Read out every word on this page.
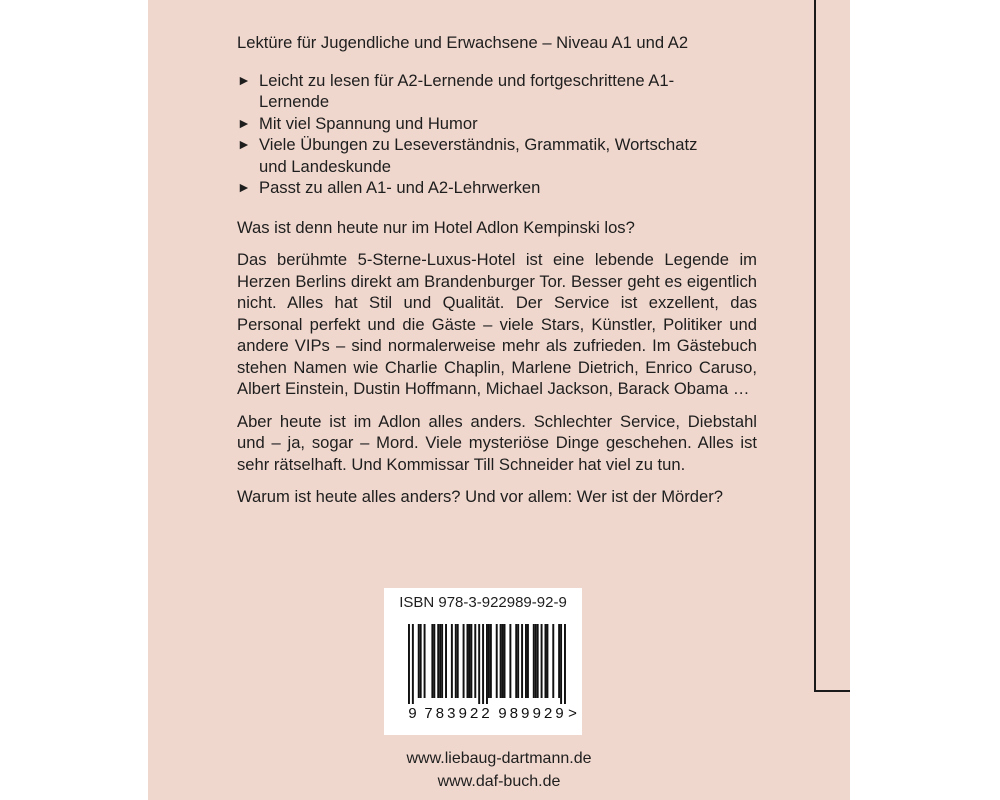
Lektüre für Jugendliche und Erwachsene – Niveau A1 und A2
► Leicht zu lesen für A2-Lernende und fortgeschrittene A1-
Lernende
► Mit viel Spannung und Humor
► Viele Übungen zu Leseverständnis, Grammatik, Wortschatz
und Landeskunde
► Passt zu allen A1- und A2-Lehrwerken

Was ist denn heute nur im Hotel Adlon Kempinski los?

Das berühmte 5-Sterne-Luxus-Hotel ist eine lebende Legende im Herzen Berlins direkt am Brandenburger Tor. Besser geht es eigentlich nicht. Alles hat Stil und Qualität. Der Service ist exzellent, das Personal perfekt und die Gäste – viele Stars, Künstler, Politiker und andere VIPs – sind normalerweise mehr als zufrieden. Im Gästebuch stehen Namen wie Charlie Chaplin, Marlene Dietrich, Enrico Caruso, Albert Einstein, Dustin Hoffmann, Michael Jackson, Barack Obama …

Aber heute ist im Adlon alles anders. Schlechter Service, Diebstahl und – ja, sogar – Mord. Viele mysteriöse Dinge geschehen. Alles ist sehr rätselhaft. Und Kommissar Till Schneider hat viel zu tun.

Warum ist heute alles anders? Und vor allem: Wer ist der Mörder?

ISBN 978-3-922989-92-9
9 783922 989929 >
www.liebaug-dartmann.de
www.daf-buch.de
